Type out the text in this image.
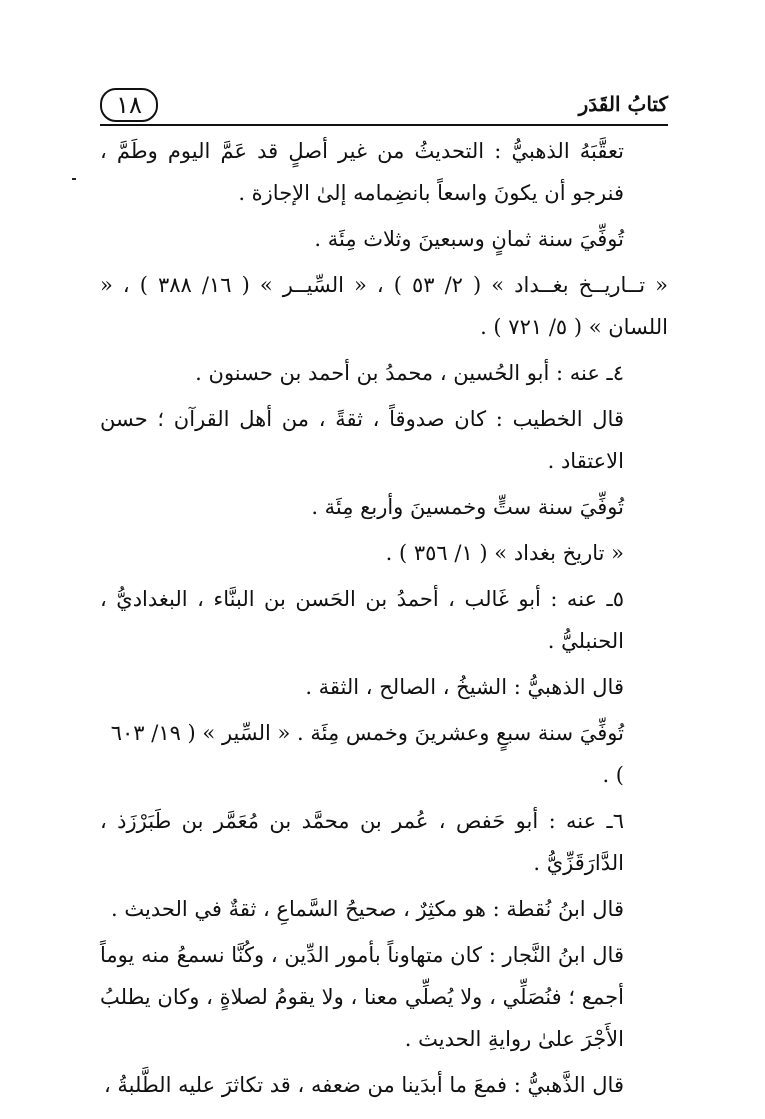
١٨	كتابُ القَدَر

تعقَّبَهُ الذهبيُّ : التحديثُ من غير أصلٍ قد عَمَّ اليوم وطَمَّ ، فنرجو أن يكونَ واسعاً بانضِمامه إلىٰ الإجازة .

تُوفِّيَ سنة ثمانٍ وسبعينَ وثلاث مِئَة .

« تــاريــخ بغــداد » ( ٢/ ٥٣ ) ، « السِّيــر » ( ١٦/ ٣٨٨ ) ، « اللسان » ( ٥/ ٧٢١ ) .

٤ـ عنه : أبو الحُسين ، محمدُ بن أحمد بن حسنون .

قال الخطيب : كان صدوقاً ، ثقةً ، من أهل القرآن ؛ حسن الاعتقاد .

تُوفِّيَ سنة ستٍّ وخمسينَ وأربع مِئَة .

« تاريخ بغداد » ( ١/ ٣٥٦ ) .

٥ـ عنه : أبو غَالب ، أحمدُ بن الحَسن بن البنَّاء ، البغداديُّ ، الحنبليُّ .

قال الذهبيُّ : الشيخُ ، الصالح ، الثقة .

تُوفِّيَ سنة سبعٍ وعشرينَ وخمس مِئَة . « السِّير » ( ١٩/ ٦٠٣ ) .

٦ـ عنه : أبو حَفص ، عُمر بن محمَّد بن مُعَمَّر بن طَبَرْزَذ ، الدَّارَقَزِّيُّ .

قال ابنُ نُقطة : هو مكثِرٌ ، صحيحُ السَّماعِ ، ثقةٌ في الحديث .

قال ابنُ النَّجار : كان متهاوناً بأمور الدِّين ، وكُنَّا نسمعُ منه يوماً أجمع ؛ فنُصَلِّي ، ولا يُصلِّي معنا ، ولا يقومُ لصلاةٍ ، وكان يطلبُ الأَجْرَ علىٰ روايةِ الحديث .

قال الذَّهبيُّ : فمعَ ما أبدَينا من ضعفه ، قد تكاثرَ عليه الطَّلبةُ ،
